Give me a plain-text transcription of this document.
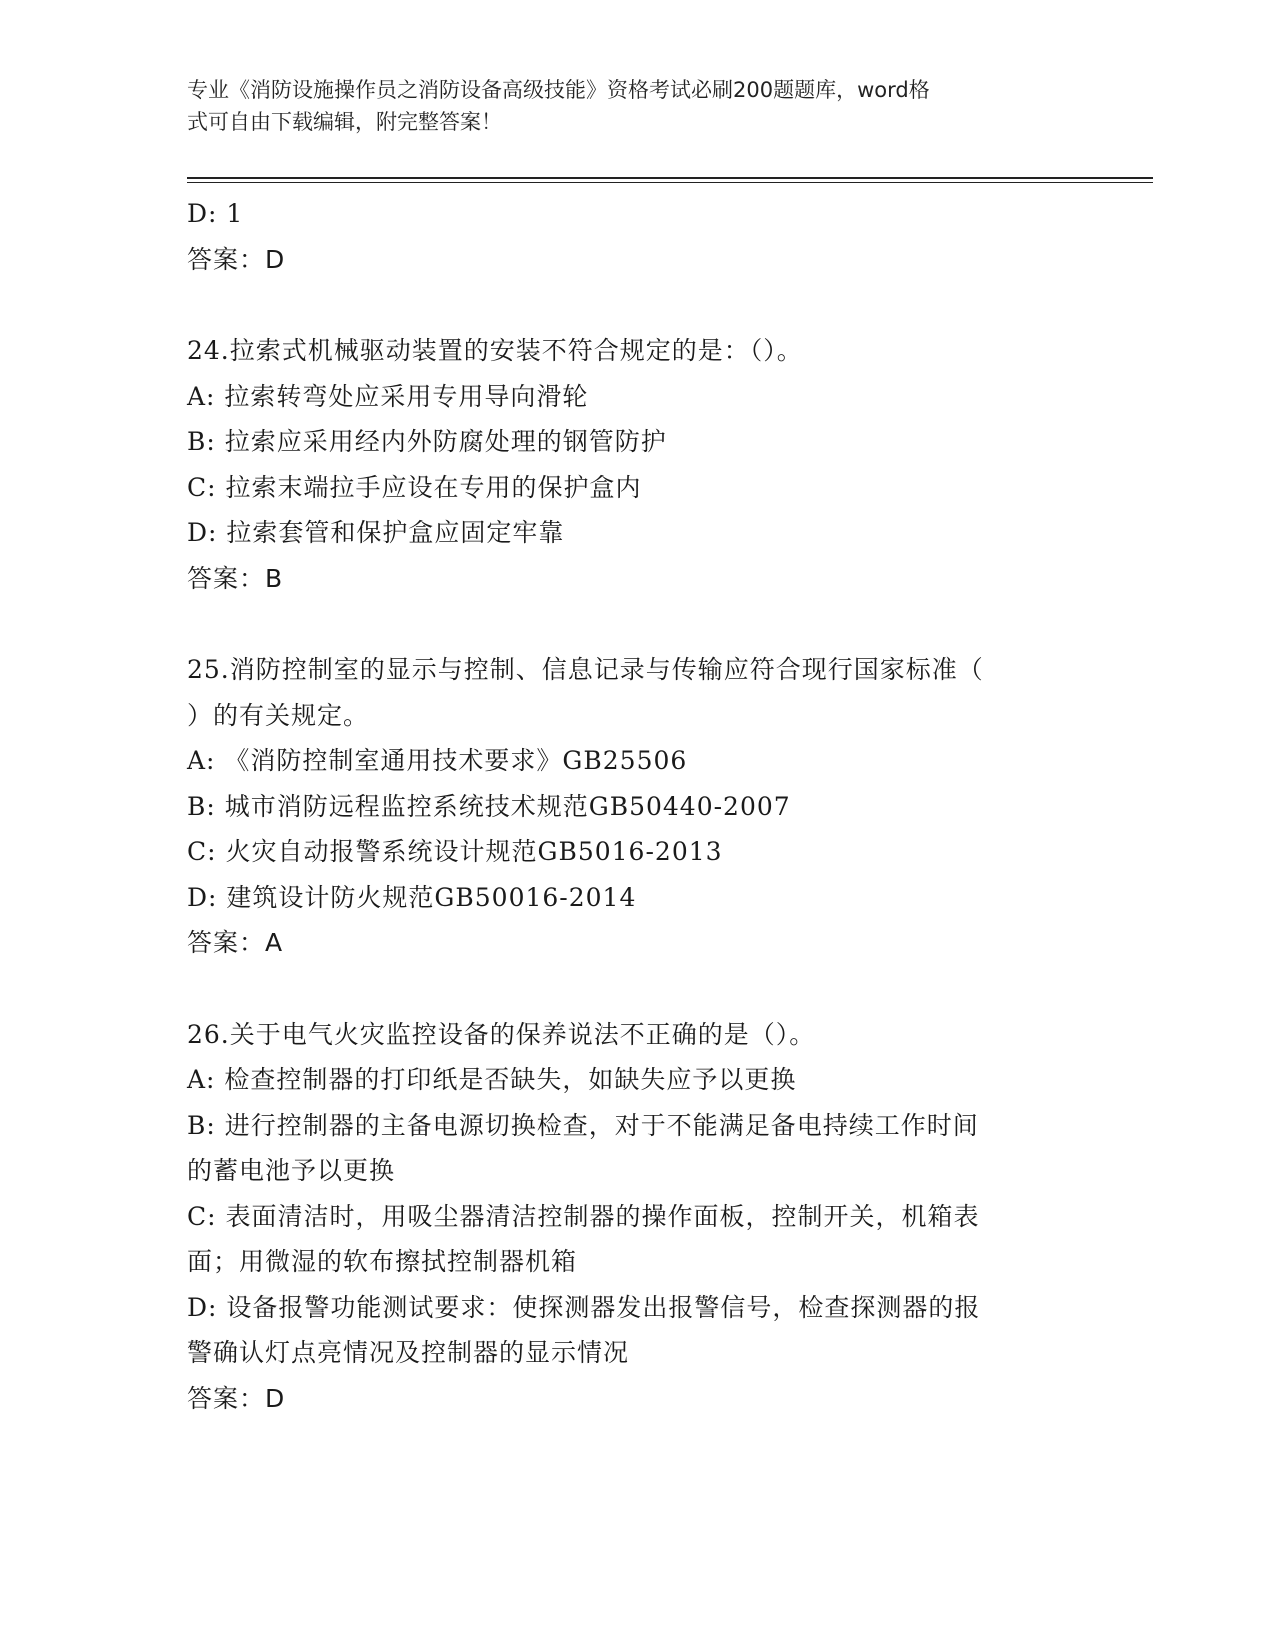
专业《消防设施操作员之消防设备高级技能》资格考试必刷200题题库，word格
式可自由下载编辑，附完整答案！
D: 1
答案：D
24.拉索式机械驱动装置的安装不符合规定的是：（）。
A: 拉索转弯处应采用专用导向滑轮
B: 拉索应采用经内外防腐处理的钢管防护
C: 拉索末端拉手应设在专用的保护盒内
D: 拉索套管和保护盒应固定牢靠
答案：B
25.消防控制室的显示与控制、信息记录与传输应符合现行国家标准（
）的有关规定。
A: 《消防控制室通用技术要求》GB25506
B: 城市消防远程监控系统技术规范GB50440-2007
C: 火灾自动报警系统设计规范GB5016-2013
D: 建筑设计防火规范GB50016-2014
答案：A
26.关于电气火灾监控设备的保养说法不正确的是（）。
A: 检查控制器的打印纸是否缺失，如缺失应予以更换
B: 进行控制器的主备电源切换检查，对于不能满足备电持续工作时间
的蓄电池予以更换
C: 表面清洁时，用吸尘器清洁控制器的操作面板，控制开关，机箱表
面；用微湿的软布擦拭控制器机箱
D: 设备报警功能测试要求：使探测器发出报警信号，检查探测器的报
警确认灯点亮情况及控制器的显示情况
答案：D
